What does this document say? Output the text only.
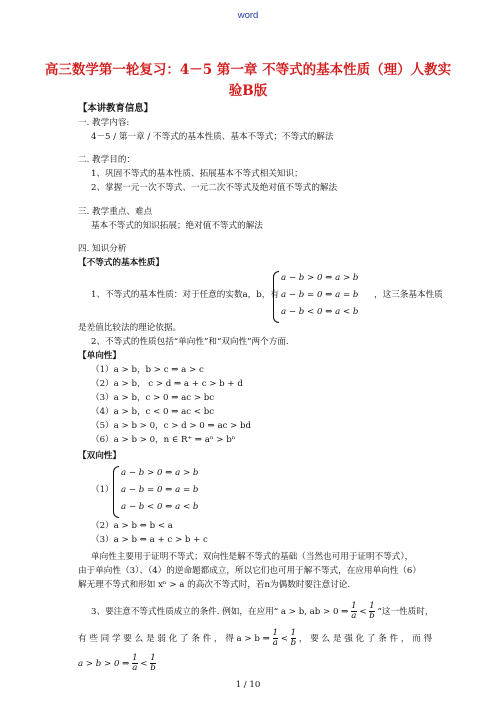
word
高三数学第一轮复习：4－5 第一章 不等式的基本性质（理）人教实
验B版
【本讲教育信息】
一. 教学内容:
4－5 / 第一章 / 不等式的基本性质、基本不等式；不等式的解法
二. 教学目的：
1、巩固不等式的基本性质、拓展基本不等式相关知识；
2、掌握一元一次不等式、一元二次不等式及绝对值不等式的解法
三. 教学重点、难点
基本不等式的知识拓展；绝对值不等式的解法
四. 知识分析
【不等式的基本性质】
1、不等式的基本性质：对于任意的实数a，b，有
a − b > 0 ⇔ a > b
a − b = 0 ⇔ a = b
a − b < 0 ⇔ a < b
，这三条基本性质
是差值比较法的理论依据。
2、不等式的性质包括“单向性”和“双向性”两个方面.
【单向性】
（1）a > b，b > c ⇒ a > c
（2）a > b， c > d ⇒ a + c > b + d
（3）a > b，c > 0 ⇒ ac > bc
（4）a > b，c < 0 ⇒ ac < bc
（5）a > b > 0，c > d > 0 ⇒ ac > bd
（6）a > b > 0，n ∈ R⁺ ⇒ aⁿ > bⁿ
【双向性】
（1）
a − b > 0 ⇔ a > b
a − b = 0 ⇔ a = b
a − b < 0 ⇔ a < b
（2）a > b ⇔ b < a
（3）a > b ⇔ a + c > b + c
单向性主要用于证明不等式；双向性是解不等式的基础（当然也可用于证明不等式），
由于单向性（3）、（4）的逆命题都成立，所以它们也可用于解不等式，在应用单向性（6）
解无理不等式和形如 xⁿ > a 的高次不等式时，若n为偶数时要注意讨论.
3、要注意不等式性质成立的条件. 例如，在应用“ a > b, ab > 0 ⇒ $\frac{1}{a} < \frac{1}{b}$ ”这一性质时，
有 些 同 学 要 么 是 弱 化 了 条 件 ， 得 a > b ⇒ $\frac{1}{a} < \frac{1}{b}$ ， 要 么 是 强 化 了 条 件 ， 而 得
a > b > 0 ⇒ $\frac{1}{a} < \frac{1}{b}$
1 / 10
